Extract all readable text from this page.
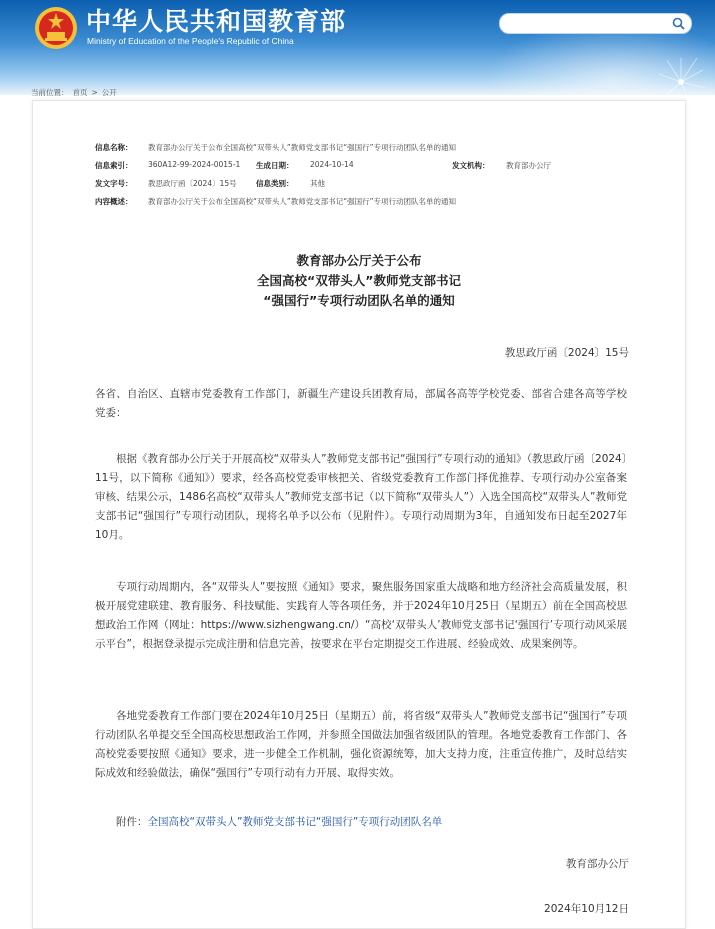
中华人民共和国教育部
Ministry of Education of the People's Republic of China
当前位置： 首页 > 公开
信息名称： 教育部办公厅关于公布全国高校“双带头人”教师党支部书记“强国行”专项行动团队名单的通知
信息索引： 360A12-99-2024-0015-1 生成日期： 2024-10-14	发文机构： 教育部办公厅
发文字号： 教思政厅函〔2024〕15号	信息类别： 其他
内容概述： 教育部办公厅关于公布全国高校“双带头人”教师党支部书记“强国行”专项行动团队名单的通知
教育部办公厅关于公布
全国高校“双带头人”教师党支部书记
“强国行”专项行动团队名单的通知
教思政厅函〔2024〕15号
各省、自治区、直辖市党委教育工作部门，新疆生产建设兵团教育局，部属各高等学校党委、部省合建各高等学校党委：
根据《教育部办公厅关于开展高校“双带头人”教师党支部书记“强国行”专项行动的通知》（教思政厅函〔2024〕11号，以下简称《通知》）要求，经各高校党委审核把关、省级党委教育工作部门择优推荐、专项行动办公室备案审核、结果公示，1486名高校“双带头人”教师党支部书记（以下简称“双带头人”）入选全国高校“双带头人”教师党支部书记“强国行”专项行动团队，现将名单予以公布（见附件）。专项行动周期为3年，自通知发布日起至2027年10月。
专项行动周期内，各“双带头人”要按照《通知》要求，聚焦服务国家重大战略和地方经济社会高质量发展，积极开展党建联建、教育服务、科技赋能、实践育人等各项任务，并于2024年10月25日（星期五）前在全国高校思想政治工作网（网址：https://www.sizhengwang.cn/）“高校‘双带头人’教师党支部书记‘强国行’专项行动风采展示平台”，根据登录提示完成注册和信息完善，按要求在平台定期提交工作进展、经验成效、成果案例等。
各地党委教育工作部门要在2024年10月25日（星期五）前，将省级“双带头人”教师党支部书记“强国行”专项行动团队名单提交至全国高校思想政治工作网，并参照全国做法加强省级团队的管理。各地党委教育工作部门、各高校党委要按照《通知》要求，进一步健全工作机制，强化资源统筹，加大支持力度，注重宣传推广，及时总结实际成效和经验做法，确保“强国行”专项行动有力开展、取得实效。
附件：全国高校“双带头人”教师党支部书记“强国行”专项行动团队名单
教育部办公厅
2024年10月12日
